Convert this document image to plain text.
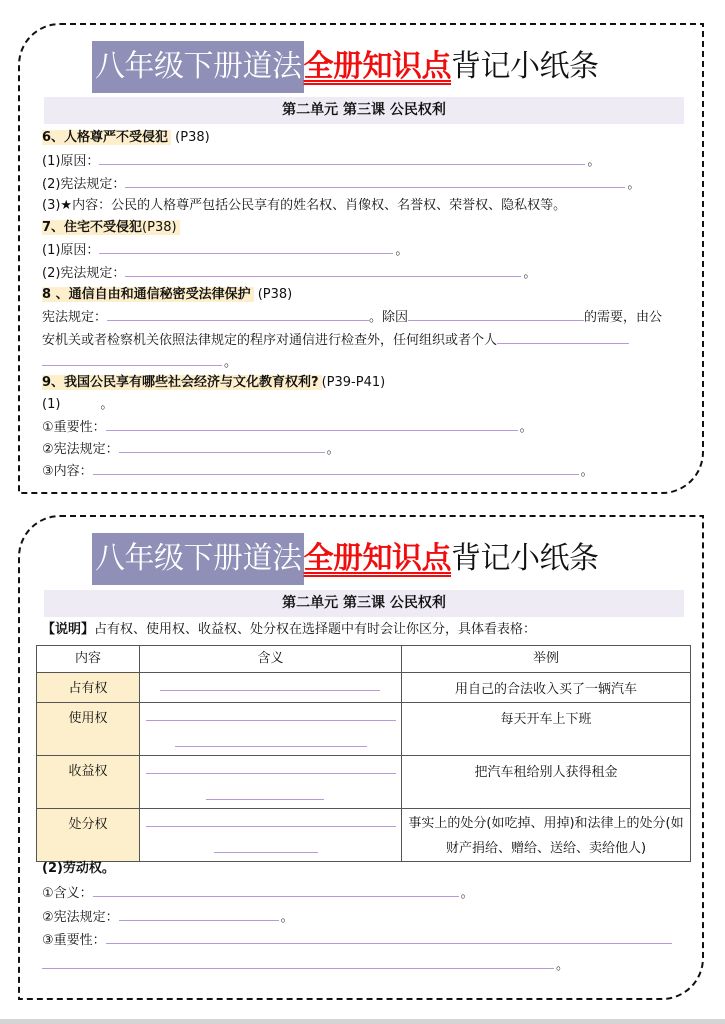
八年级下册道法 全册知识点 背记小纸条
第二单元 第三课 公民权利
6、人格尊严不受侵犯 (P38)
(1)原因：	。
(2)宪法规定：	。
(3)★内容：公民的人格尊严包括公民享有的姓名权、肖像权、名誉权、荣誉权、隐私权等。
7、住宅不受侵犯(P38)
(1)原因：	。
(2)宪法规定：	。
8 、通信自由和通信秘密受法律保护 (P38)
宪法规定：	。除因	的需要，由公
安机关或者检察机关依照法律规定的程序对通信进行检查外，任何组织或者个人
。
9、我国公民享有哪些社会经济与文化教育权利? (P39-P41)
(1)	。
①重要性：	。
②宪法规定：	。
③内容：	。
八年级下册道法 全册知识点 背记小纸条
第二单元 第三课 公民权利
【说明】占有权、使用权、收益权、处分权在选择题中有时会让你区分，具体看表格：
内容	含义	举例
占有权		用自己的合法收入买了一辆汽车
使用权		每天开车上下班
收益权		把汽车租给别人获得租金
处分权		事实上的处分(如吃掉、用掉)和法律上的处分(如财产捐给、赠给、送给、卖给他人)
(2)劳动权。
①含义：	。
②宪法规定：	。
③重要性：
。
